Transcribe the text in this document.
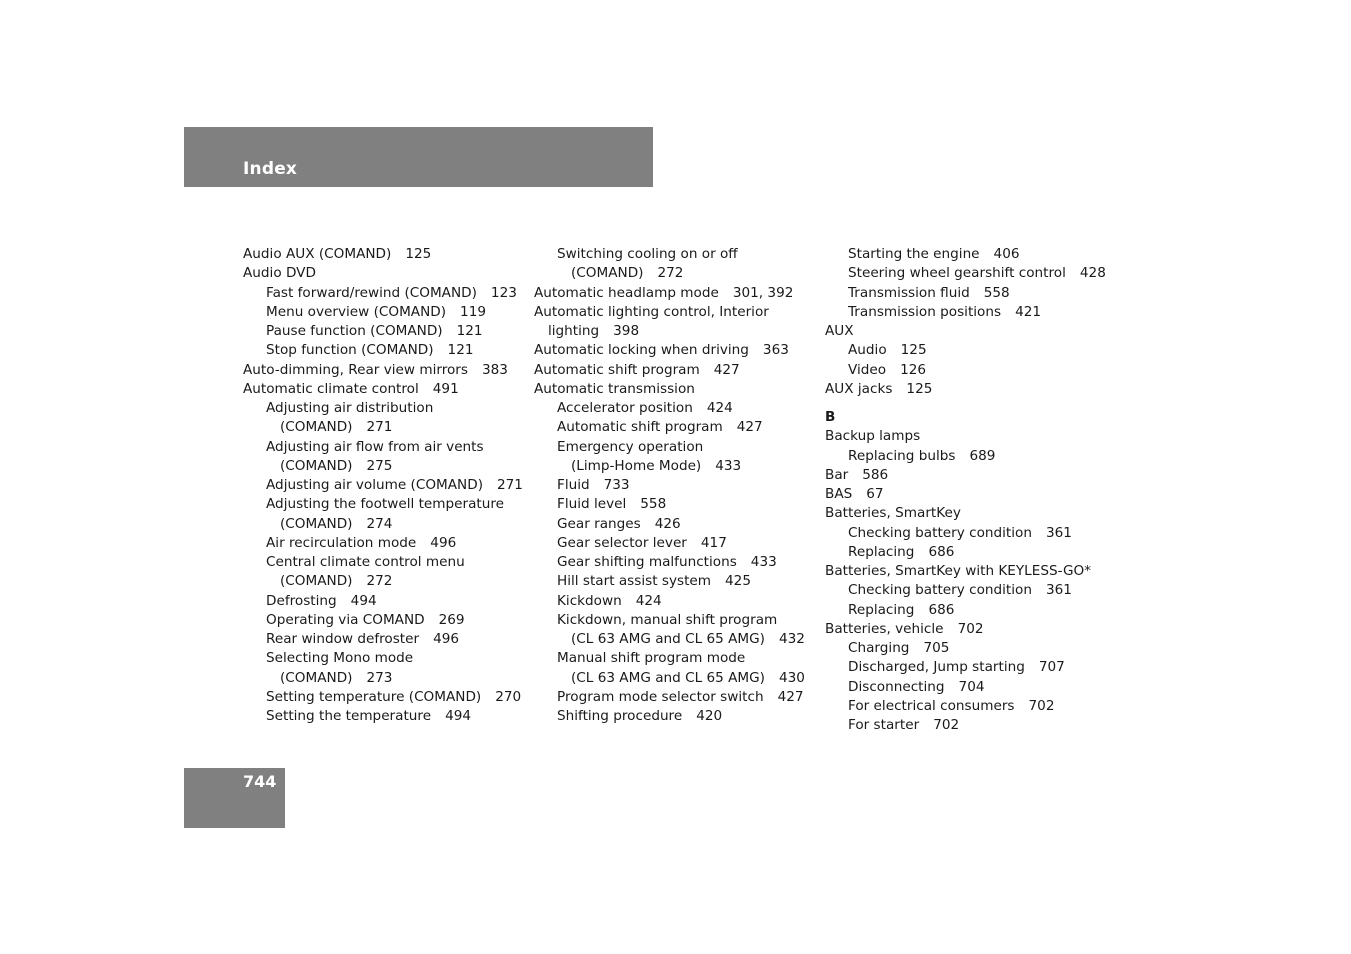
Index
Audio AUX (COMAND) 125
Audio DVD
Fast forward/rewind (COMAND) 123
Menu overview (COMAND) 119
Pause function (COMAND) 121
Stop function (COMAND) 121
Auto-dimming, Rear view mirrors 383
Automatic climate control 491
Adjusting air distribution
(COMAND) 271
Adjusting air flow from air vents
(COMAND) 275
Adjusting air volume (COMAND) 271
Adjusting the footwell temperature
(COMAND) 274
Air recirculation mode 496
Central climate control menu
(COMAND) 272
Defrosting 494
Operating via COMAND 269
Rear window defroster 496
Selecting Mono mode
(COMAND) 273
Setting temperature (COMAND) 270
Setting the temperature 494
Switching cooling on or off
(COMAND) 272
Automatic headlamp mode 301, 392
Automatic lighting control, Interior
lighting 398
Automatic locking when driving 363
Automatic shift program 427
Automatic transmission
Accelerator position 424
Automatic shift program 427
Emergency operation
(Limp-Home Mode) 433
Fluid 733
Fluid level 558
Gear ranges 426
Gear selector lever 417
Gear shifting malfunctions 433
Hill start assist system 425
Kickdown 424
Kickdown, manual shift program
(CL 63 AMG and CL 65 AMG) 432
Manual shift program mode
(CL 63 AMG and CL 65 AMG) 430
Program mode selector switch 427
Shifting procedure 420
Starting the engine 406
Steering wheel gearshift control 428
Transmission fluid 558
Transmission positions 421
AUX
Audio 125
Video 126
AUX jacks 125
B
Backup lamps
Replacing bulbs 689
Bar 586
BAS 67
Batteries, SmartKey
Checking battery condition 361
Replacing 686
Batteries, SmartKey with KEYLESS-GO*
Checking battery condition 361
Replacing 686
Batteries, vehicle 702
Charging 705
Discharged, Jump starting 707
Disconnecting 704
For electrical consumers 702
For starter 702
744
